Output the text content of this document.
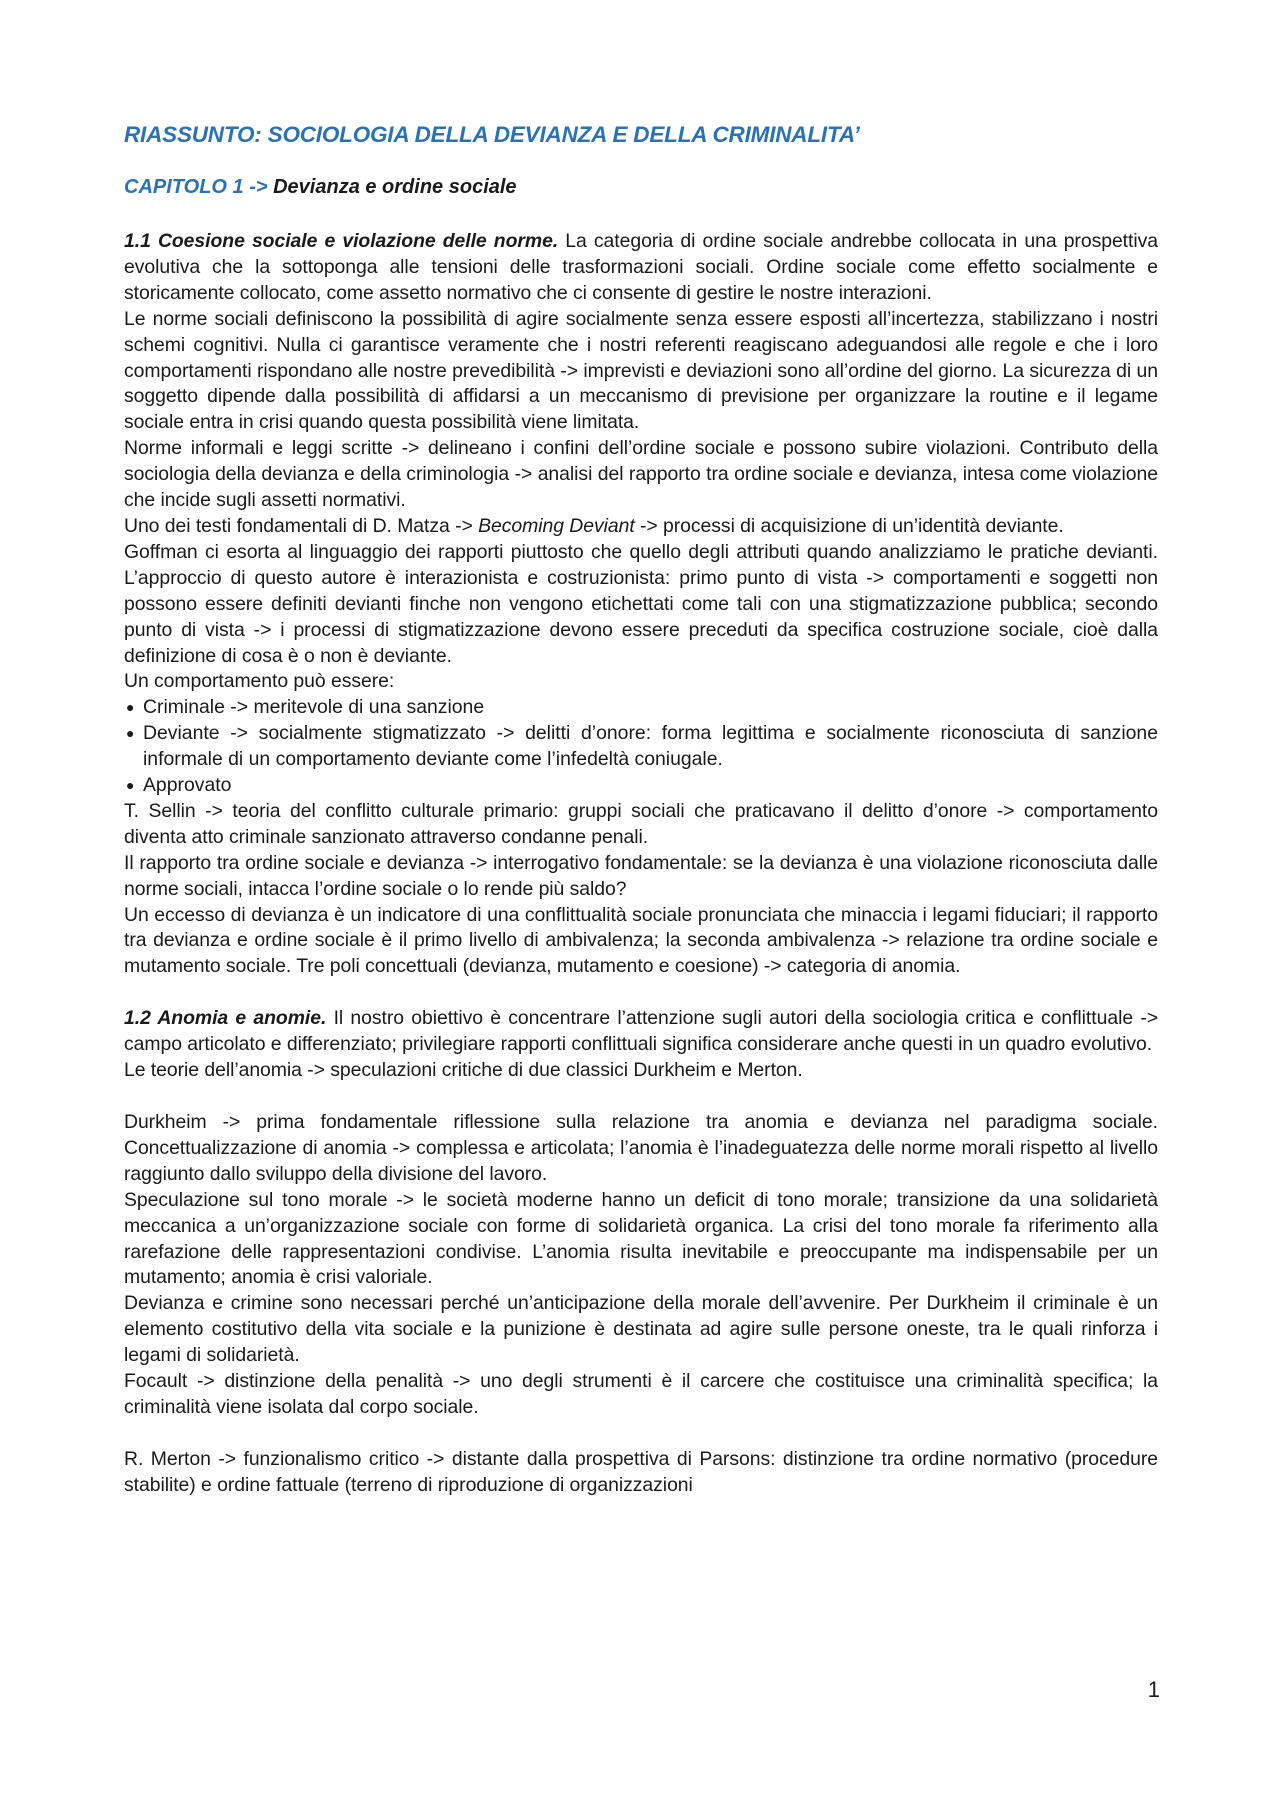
RIASSUNTO: SOCIOLOGIA DELLA DEVIANZA E DELLA CRIMINALITA’
CAPITOLO 1 -> Devianza e ordine sociale

1.1 Coesione sociale e violazione delle norme. La categoria di ordine sociale andrebbe collocata in una prospettiva evolutiva che la sottoponga alle tensioni delle trasformazioni sociali. Ordine sociale come effetto socialmente e storicamente collocato, come assetto normativo che ci consente di gestire le nostre interazioni.

Le norme sociali definiscono la possibilità di agire socialmente senza essere esposti all’incertezza, stabilizzano i nostri schemi cognitivi. Nulla ci garantisce veramente che i nostri referenti reagiscano adeguandosi alle regole e che i loro comportamenti rispondano alle nostre prevedibilità -> imprevisti e deviazioni sono all’ordine del giorno. La sicurezza di un soggetto dipende dalla possibilità di affidarsi a un meccanismo di previsione per organizzare la routine e il legame sociale entra in crisi quando questa possibilità viene limitata.

Norme informali e leggi scritte -> delineano i confini dell’ordine sociale e possono subire violazioni. Contributo della sociologia della devianza e della criminologia -> analisi del rapporto tra ordine sociale e devianza, intesa come violazione che incide sugli assetti normativi.

Uno dei testi fondamentali di D. Matza -> Becoming Deviant -> processi di acquisizione di un’identità deviante.

Goffman ci esorta al linguaggio dei rapporti piuttosto che quello degli attributi quando analizziamo le pratiche devianti. L’approccio di questo autore è interazionista e costruzionista: primo punto di vista -> comportamenti e soggetti non possono essere definiti devianti finche non vengono etichettati come tali con una stigmatizzazione pubblica; secondo punto di vista -> i processi di stigmatizzazione devono essere preceduti da specifica costruzione sociale, cioè dalla definizione di cosa è o non è deviante.

Un comportamento può essere:

● Criminale -> meritevole di una sanzione
● Deviante -> socialmente stigmatizzato -> delitti d’onore: forma legittima e socialmente riconosciuta di sanzione informale di un comportamento deviante come l’infedeltà coniugale.
● Approvato

T. Sellin -> teoria del conflitto culturale primario: gruppi sociali che praticavano il delitto d’onore -> comportamento diventa atto criminale sanzionato attraverso condanne penali.

Il rapporto tra ordine sociale e devianza -> interrogativo fondamentale: se la devianza è una violazione riconosciuta dalle norme sociali, intacca l’ordine sociale o lo rende più saldo?

Un eccesso di devianza è un indicatore di una conflittualità sociale pronunciata che minaccia i legami fiduciari; il rapporto tra devianza e ordine sociale è il primo livello di ambivalenza; la seconda ambivalenza -> relazione tra ordine sociale e mutamento sociale. Tre poli concettuali (devianza, mutamento e coesione) -> categoria di anomia.

1.2 Anomia e anomie. Il nostro obiettivo è concentrare l’attenzione sugli autori della sociologia critica e conflittuale -> campo articolato e differenziato; privilegiare rapporti conflittuali significa considerare anche questi in un quadro evolutivo.

Le teorie dell’anomia -> speculazioni critiche di due classici Durkheim e Merton.

Durkheim -> prima fondamentale riflessione sulla relazione tra anomia e devianza nel paradigma sociale. Concettualizzazione di anomia -> complessa e articolata; l’anomia è l’inadeguatezza delle norme morali rispetto al livello raggiunto dallo sviluppo della divisione del lavoro.

Speculazione sul tono morale -> le società moderne hanno un deficit di tono morale; transizione da una solidarietà meccanica a un’organizzazione sociale con forme di solidarietà organica. La crisi del tono morale fa riferimento alla rarefazione delle rappresentazioni condivise. L’anomia risulta inevitabile e preoccupante ma indispensabile per un mutamento; anomia è crisi valoriale.

Devianza e crimine sono necessari perché un’anticipazione della morale dell’avvenire. Per Durkheim il criminale è un elemento costitutivo della vita sociale e la punizione è destinata ad agire sulle persone oneste, tra le quali rinforza i legami di solidarietà.

Focault -> distinzione della penalità -> uno degli strumenti è il carcere che costituisce una criminalità specifica; la criminalità viene isolata dal corpo sociale.

R. Merton -> funzionalismo critico -> distante dalla prospettiva di Parsons: distinzione tra ordine normativo (procedure stabilite) e ordine fattuale (terreno di riproduzione di organizzazioni

1
